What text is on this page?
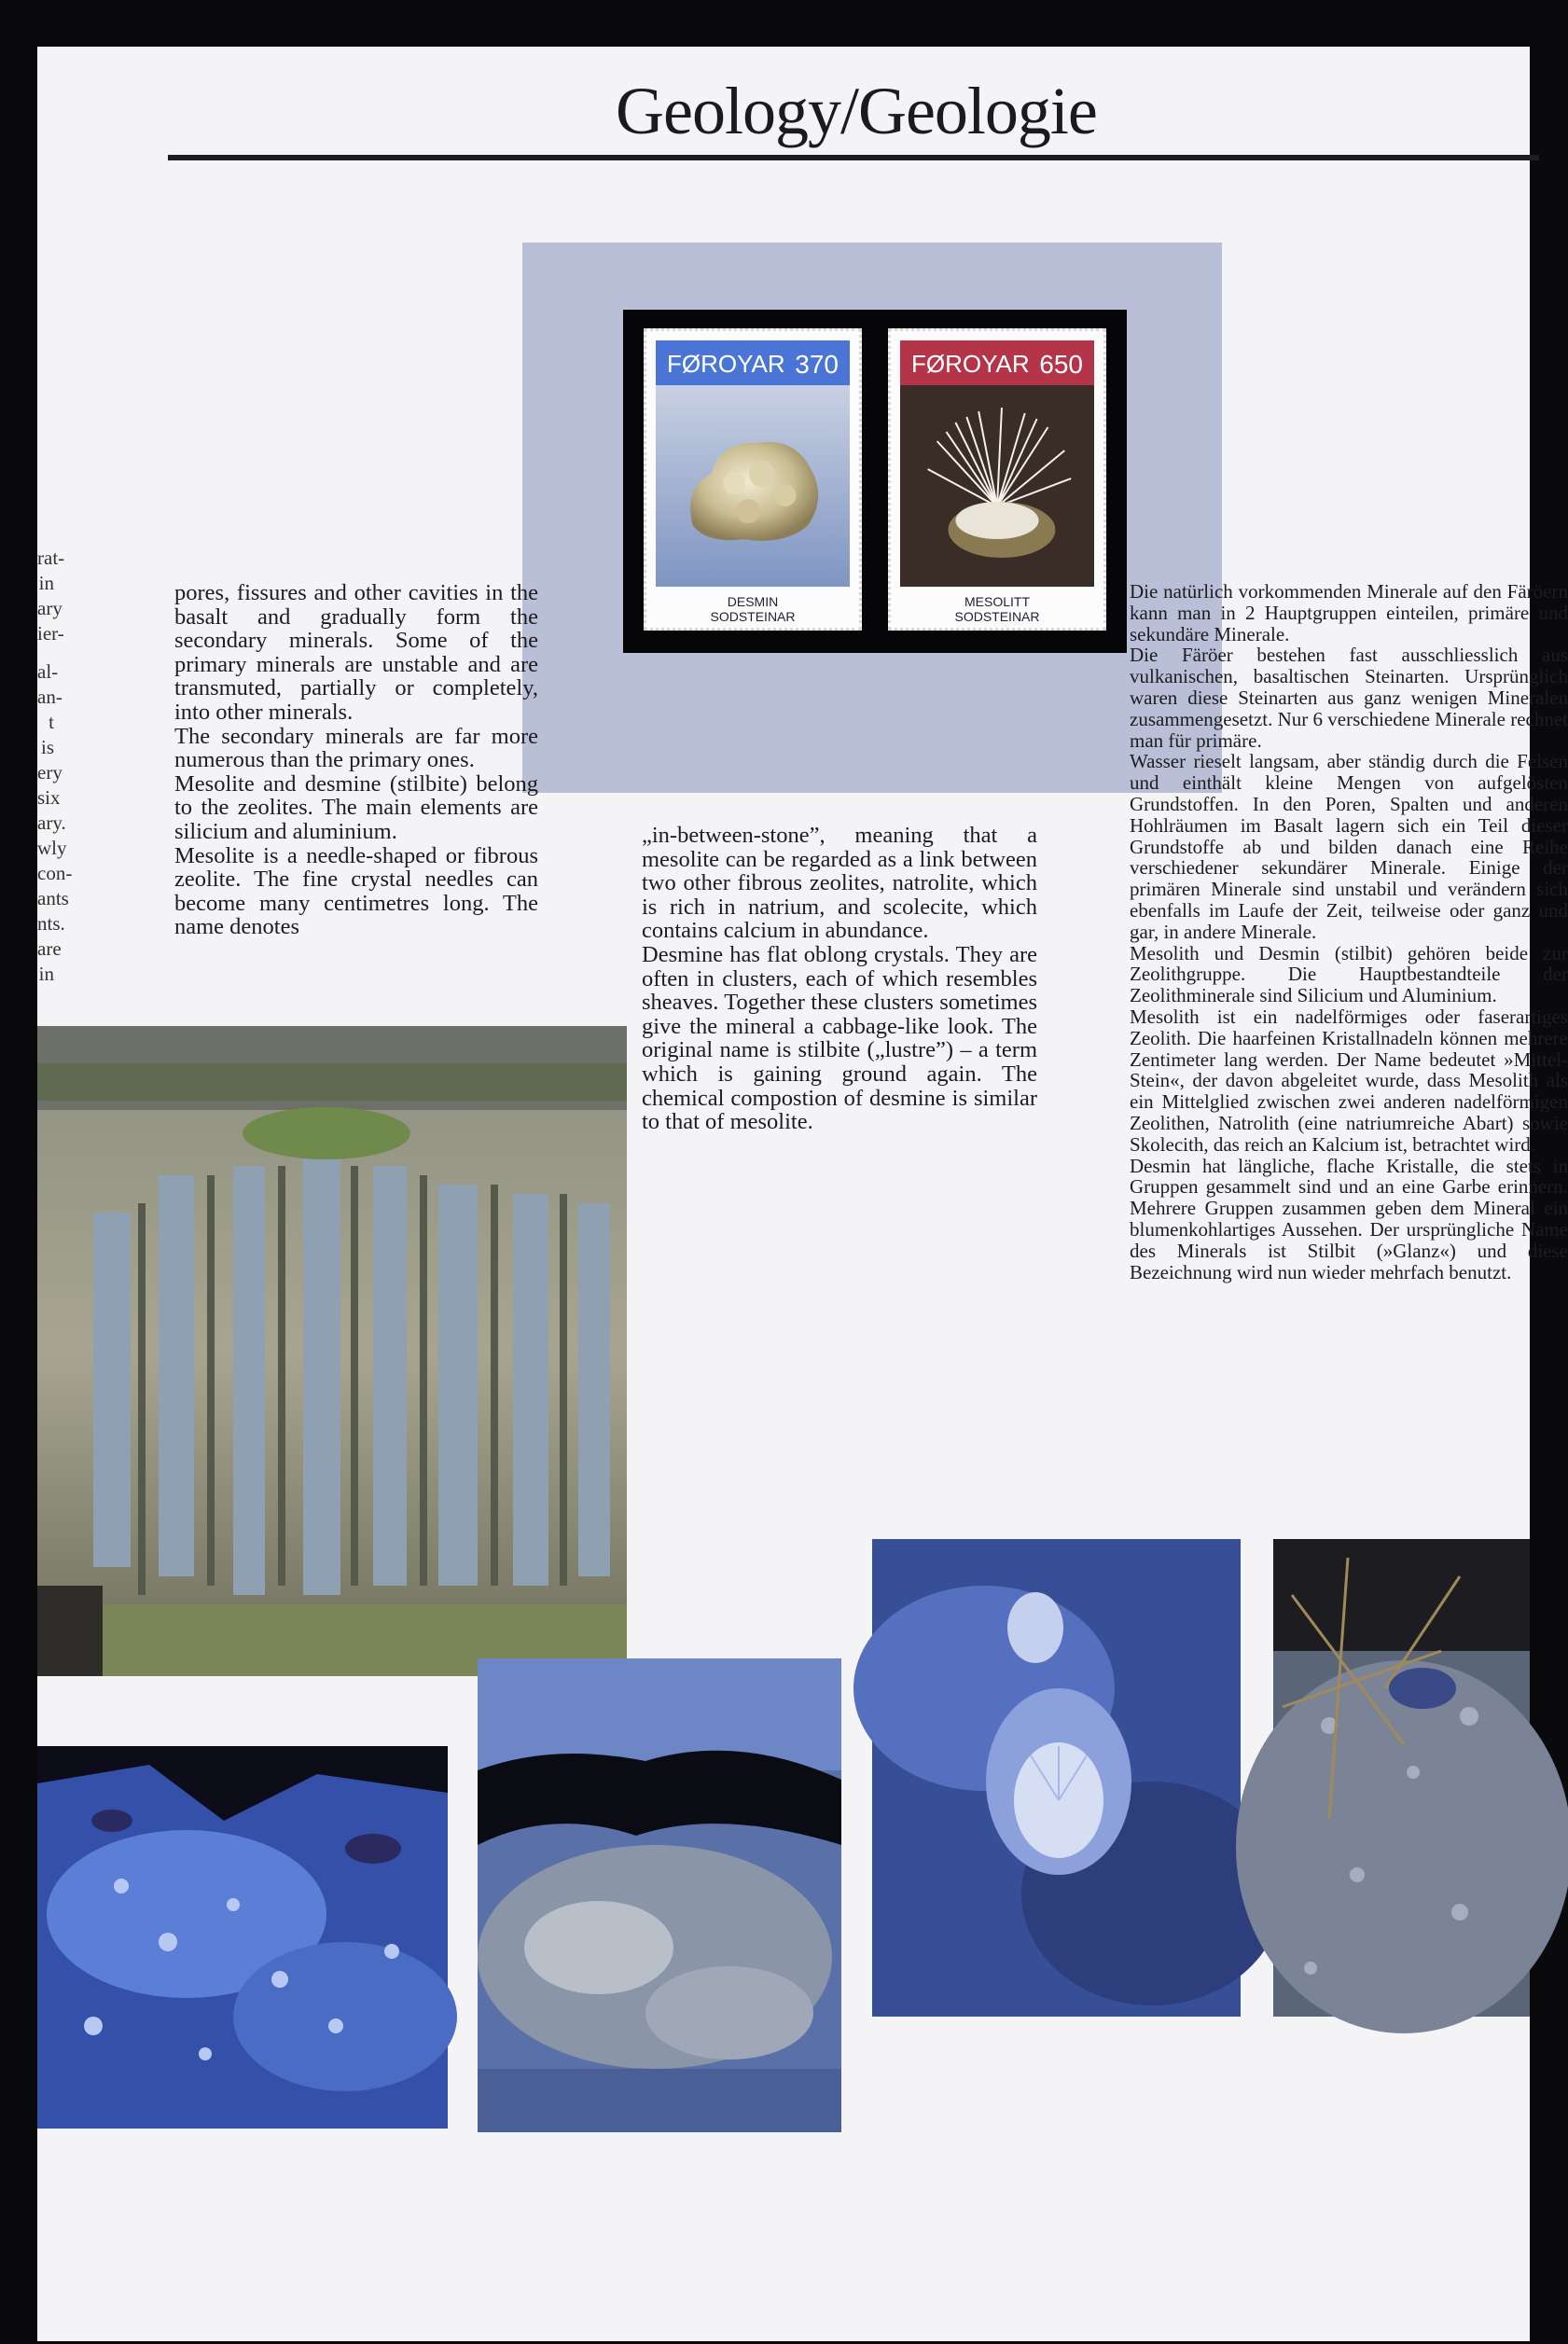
Geology/Geologie
rat-
in
ary
ier-
al-
an-
t is
ery
six
ary.
wly
con-
ants
nts.
are
in
FØROYAR 370
DESMIN
SODSTEINAR
FØROYAR 650
MESOLITT
SODSTEINAR

pores, fissures and other cavities in the basalt and gradually form the secondary minerals. Some of the primary minerals are unstable and are transmuted, partially or completely, into other minerals.

The secondary minerals are far more numerous than the primary ones.

Mesolite and desmine (stilbite) belong to the zeolites. The main elements are silicium and aluminium.

Mesolite is a needle-shaped or fibrous zeolite. The fine crystal needles can become many centimetres long. The name denotes

„in-between-stone”, meaning that a mesolite can be regarded as a link between two other fibrous zeolites, natrolite, which is rich in natrium, and scolecite, which contains calcium in abundance.

Desmine has flat oblong crystals. They are often in clusters, each of which resembles sheaves. Together these clusters sometimes give the mineral a cabbage-like look. The original name is stilbite („lustre”) – a term which is gaining ground again. The chemical compostion of desmine is similar to that of mesolite.

Die natürlich vorkommenden Minerale auf den Färöern kann man in 2 Hauptgruppen einteilen, primäre und sekundäre Minerale.

Die Färöer bestehen fast ausschliesslich aus vulkanischen, basaltischen Steinarten. Ursprünglich waren diese Steinarten aus ganz wenigen Mineralen zusammengesetzt. Nur 6 verschiedene Minerale rechnet man für primäre.

Wasser rieselt langsam, aber ständig durch die Felsen und einthält kleine Mengen von aufgelösten Grundstoffen. In den Poren, Spalten und anderen Hohlräumen im Basalt lagern sich ein Teil dieser Grundstoffe ab und bilden danach eine Reihe verschiedener sekundärer Minerale. Einige der primären Minerale sind unstabil und verändern sich ebenfalls im Laufe der Zeit, teilweise oder ganz und gar, in andere Minerale.

Mesolith und Desmin (stilbit) gehören beide zur Zeolithgruppe. Die Hauptbestandteile der Zeolithminerale sind Silicium und Aluminium.

Mesolith ist ein nadelförmiges oder faserartiges Zeolith. Die haarfeinen Kristallnadeln können mehrere Zentimeter lang werden. Der Name bedeutet »Mittel-Stein«, der davon abgeleitet wurde, dass Mesolith als ein Mittelglied zwischen zwei anderen nadelförmigen Zeolithen, Natrolith (eine natriumreiche Abart) sowie Skolecith, das reich an Kalcium ist, betrachtet wird.

Desmin hat längliche, flache Kristalle, die stets in Gruppen gesammelt sind und an eine Garbe erinnern. Mehrere Gruppen zusammen geben dem Mineral ein blumenkohlartiges Aussehen. Der ursprüngliche Name des Minerals ist Stilbit (»Glanz«) und diese Bezeichnung wird nun wieder mehrfach benutzt.
